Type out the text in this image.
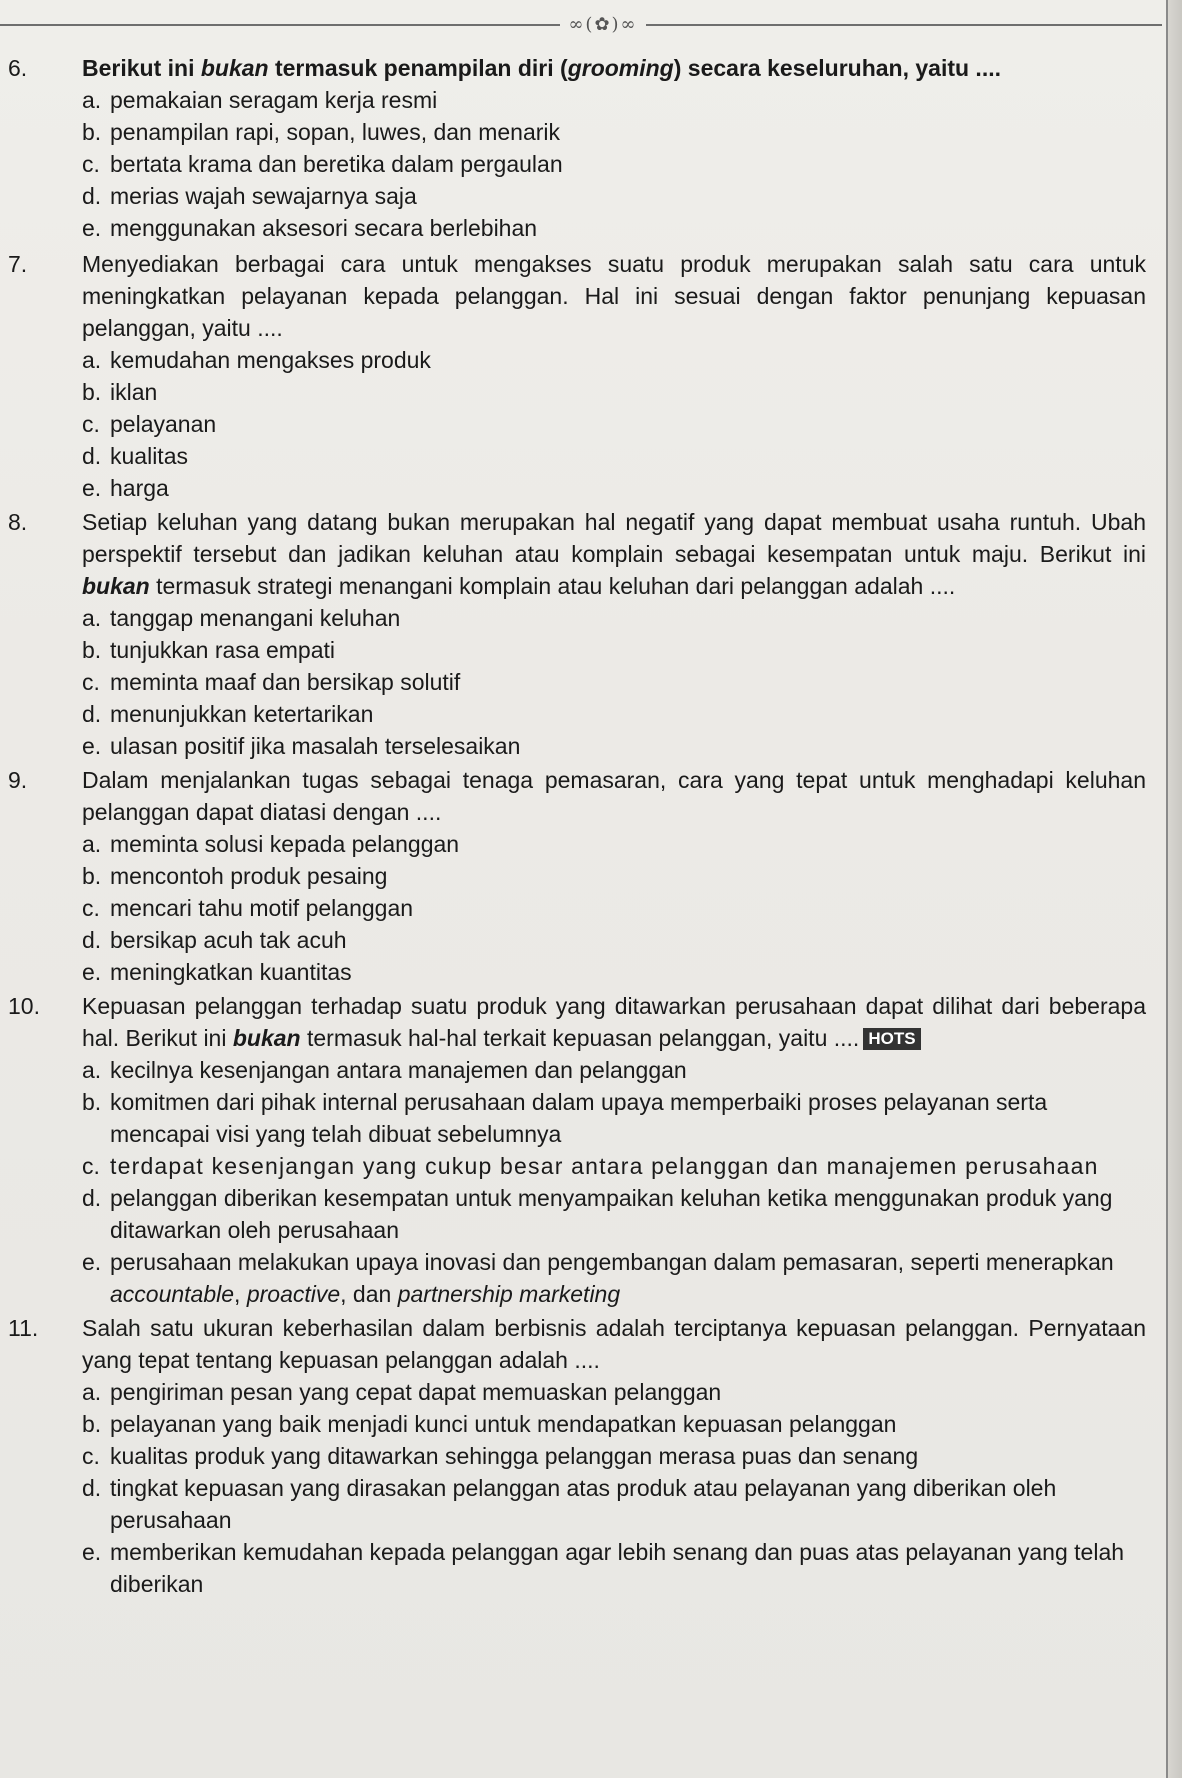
∞(✿)∞
6. Berikut ini bukan termasuk penampilan diri (grooming) secara keseluruhan, yaitu ....
a. pemakaian seragam kerja resmi
b. penampilan rapi, sopan, luwes, dan menarik
c. bertata krama dan beretika dalam pergaulan
d. merias wajah sewajarnya saja
e. menggunakan aksesori secara berlebihan
7. Menyediakan berbagai cara untuk mengakses suatu produk merupakan salah satu cara untuk meningkatkan pelayanan kepada pelanggan. Hal ini sesuai dengan faktor penunjang kepuasan pelanggan, yaitu ....
a. kemudahan mengakses produk
b. iklan
c. pelayanan
d. kualitas
e. harga
8. Setiap keluhan yang datang bukan merupakan hal negatif yang dapat membuat usaha runtuh. Ubah perspektif tersebut dan jadikan keluhan atau komplain sebagai kesempatan untuk maju. Berikut ini bukan termasuk strategi menangani komplain atau keluhan dari pelanggan adalah ....
a. tanggap menangani keluhan
b. tunjukkan rasa empati
c. meminta maaf dan bersikap solutif
d. menunjukkan ketertarikan
e. ulasan positif jika masalah terselesaikan
9. Dalam menjalankan tugas sebagai tenaga pemasaran, cara yang tepat untuk menghadapi keluhan pelanggan dapat diatasi dengan ....
a. meminta solusi kepada pelanggan
b. mencontoh produk pesaing
c. mencari tahu motif pelanggan
d. bersikap acuh tak acuh
e. meningkatkan kuantitas
10. Kepuasan pelanggan terhadap suatu produk yang ditawarkan perusahaan dapat dilihat dari beberapa hal. Berikut ini bukan termasuk hal-hal terkait kepuasan pelanggan, yaitu .... HOTS
a. kecilnya kesenjangan antara manajemen dan pelanggan
b. komitmen dari pihak internal perusahaan dalam upaya memperbaiki proses pelayanan serta mencapai visi yang telah dibuat sebelumnya
c. terdapat kesenjangan yang cukup besar antara pelanggan dan manajemen perusahaan
d. pelanggan diberikan kesempatan untuk menyampaikan keluhan ketika menggunakan produk yang ditawarkan oleh perusahaan
e. perusahaan melakukan upaya inovasi dan pengembangan dalam pemasaran, seperti menerapkan accountable, proactive, dan partnership marketing
11. Salah satu ukuran keberhasilan dalam berbisnis adalah terciptanya kepuasan pelanggan. Pernyataan yang tepat tentang kepuasan pelanggan adalah ....
a. pengiriman pesan yang cepat dapat memuaskan pelanggan
b. pelayanan yang baik menjadi kunci untuk mendapatkan kepuasan pelanggan
c. kualitas produk yang ditawarkan sehingga pelanggan merasa puas dan senang
d. tingkat kepuasan yang dirasakan pelanggan atas produk atau pelayanan yang diberikan oleh perusahaan
e. memberikan kemudahan kepada pelanggan agar lebih senang dan puas atas pelayanan yang telah diberikan
